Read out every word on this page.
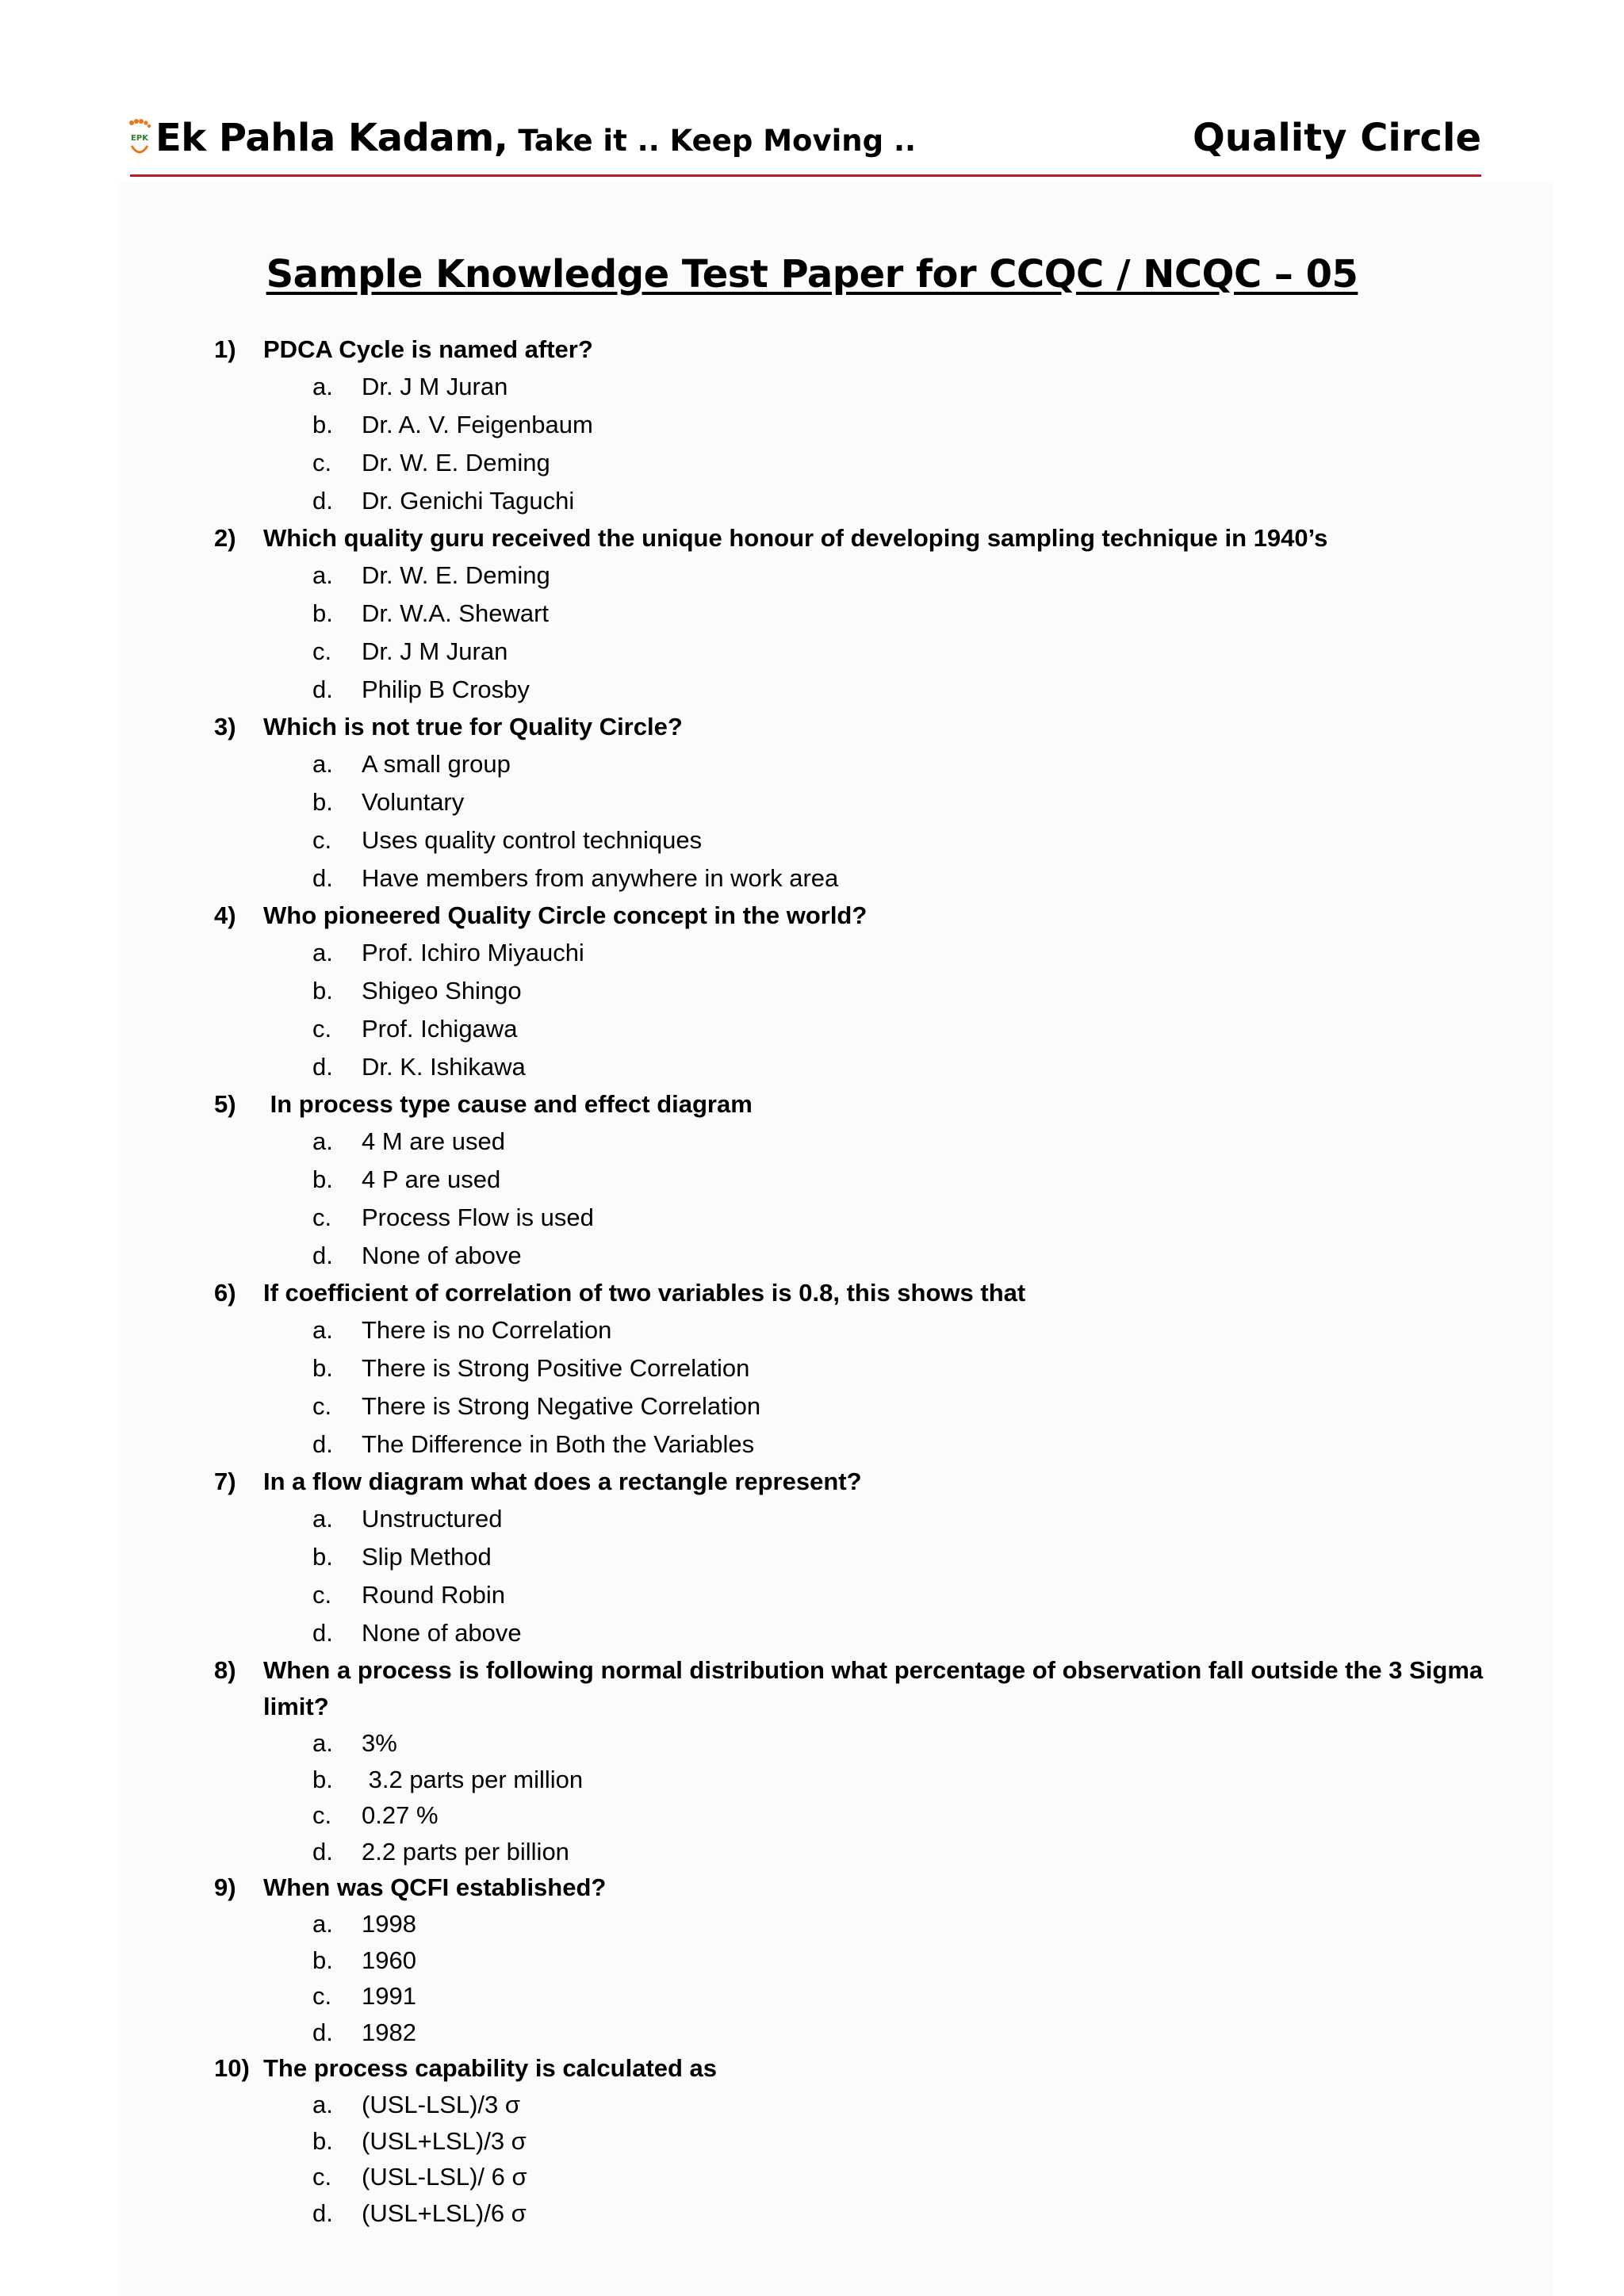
EPK Ek Pahla Kadam, Take it .. Keep Moving ..	Quality Circle
Sample Knowledge Test Paper for CCQC / NCQC – 05
1)	PDCA Cycle is named after?
a.	Dr. J M Juran
b.	Dr. A. V. Feigenbaum
c.	Dr. W. E. Deming
d.	Dr. Genichi Taguchi
2)	Which quality guru received the unique honour of developing sampling technique in 1940’s
a.	Dr. W. E. Deming
b.	Dr. W.A. Shewart
c.	Dr. J M Juran
d.	Philip B Crosby
3)	Which is not true for Quality Circle?
a.	A small group
b.	Voluntary
c.	Uses quality control techniques
d.	Have members from anywhere in work area
4)	Who pioneered Quality Circle concept in the world?
a.	Prof. Ichiro Miyauchi
b.	Shigeo Shingo
c.	Prof. Ichigawa
d.	Dr. K. Ishikawa
5)	In process type cause and effect diagram
a.	4 M are used
b.	4 P are used
c.	Process Flow is used
d.	None of above
6)	If coefficient of correlation of two variables is 0.8, this shows that
a.	There is no Correlation
b.	There is Strong Positive Correlation
c.	There is Strong Negative Correlation
d.	The Difference in Both the Variables
7)	In a flow diagram what does a rectangle represent?
a.	Unstructured
b.	Slip Method
c.	Round Robin
d.	None of above
8)	When a process is following normal distribution what percentage of observation fall outside the 3 Sigma limit?
a.	3%
b.	3.2 parts per million
c.	0.27 %
d.	2.2 parts per billion
9)	When was QCFI established?
a.	1998
b.	1960
c.	1991
d.	1982
10) The process capability is calculated as
a.	(USL-LSL)/3 σ
b.	(USL+LSL)/3 σ
c.	(USL-LSL)/ 6 σ
d.	(USL+LSL)/6 σ
